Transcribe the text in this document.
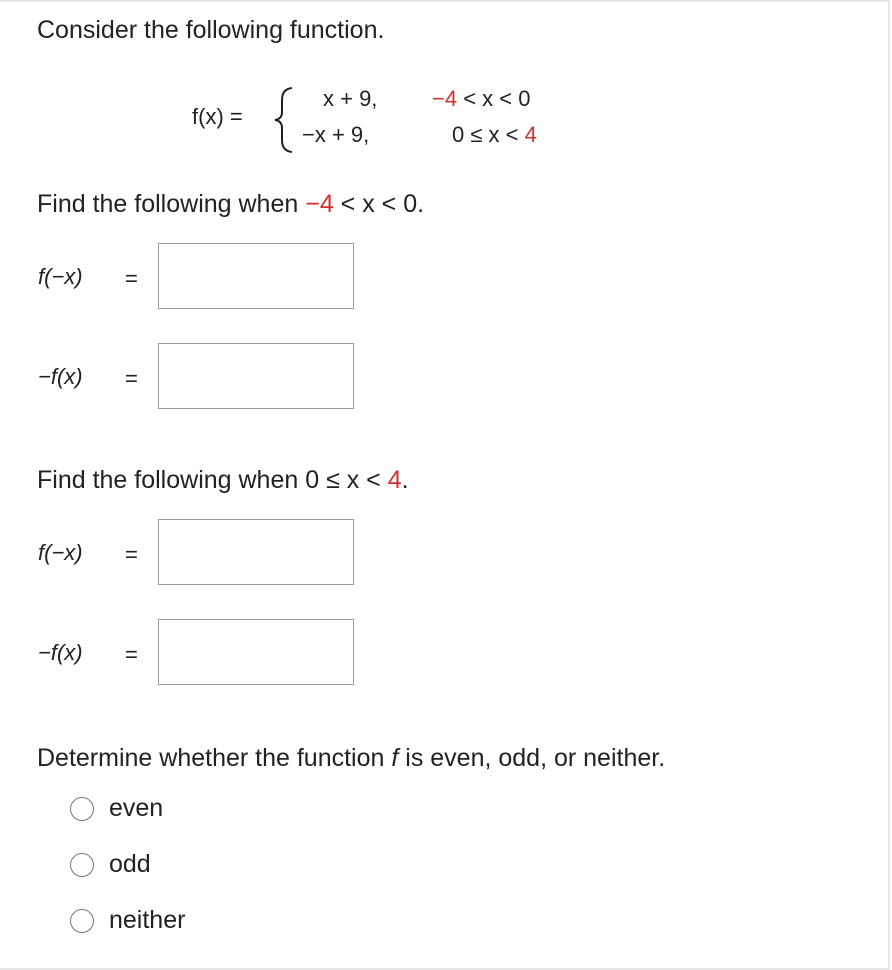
Consider the following function.
f(x) =
x + 9, −4 < x < 0
−x + 9,	0 ≤ x < 4
Find the following when −4 < x < 0.
f(−x) =
−f(x) =
Find the following when 0 ≤ x < 4.
f(−x) =
−f(x) =
Determine whether the function f is even, odd, or neither.
even
odd
neither
